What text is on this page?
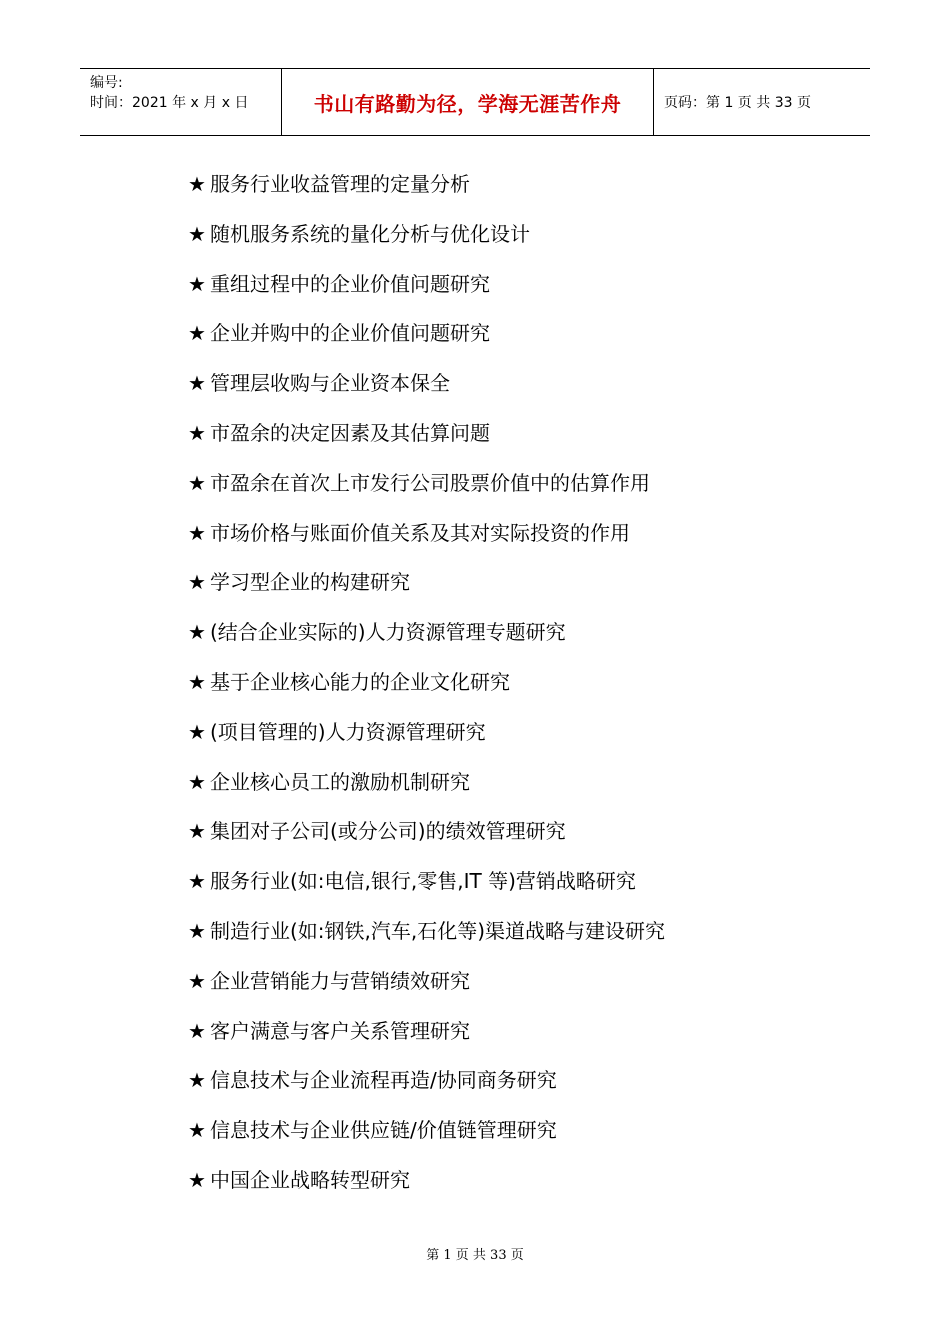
编号:
时间：2021 年 x 月 x 日	书山有路勤为径，学海无涯苦作舟	页码：第 1 页 共 33 页
★ 服务行业收益管理的定量分析
★ 随机服务系统的量化分析与优化设计
★ 重组过程中的企业价值问题研究
★ 企业并购中的企业价值问题研究
★ 管理层收购与企业资本保全
★ 市盈余的决定因素及其估算问题
★ 市盈余在首次上市发行公司股票价值中的估算作用
★ 市场价格与账面价值关系及其对实际投资的作用
★ 学习型企业的构建研究
★ (结合企业实际的)人力资源管理专题研究
★ 基于企业核心能力的企业文化研究
★ (项目管理的)人力资源管理研究
★ 企业核心员工的激励机制研究
★ 集团对子公司(或分公司)的绩效管理研究
★ 服务行业(如:电信,银行,零售,IT 等)营销战略研究
★ 制造行业(如:钢铁,汽车,石化等)渠道战略与建设研究
★ 企业营销能力与营销绩效研究
★ 客户满意与客户关系管理研究
★ 信息技术与企业流程再造/协同商务研究
★ 信息技术与企业供应链/价值链管理研究
★ 中国企业战略转型研究
第 1 页 共 33 页
